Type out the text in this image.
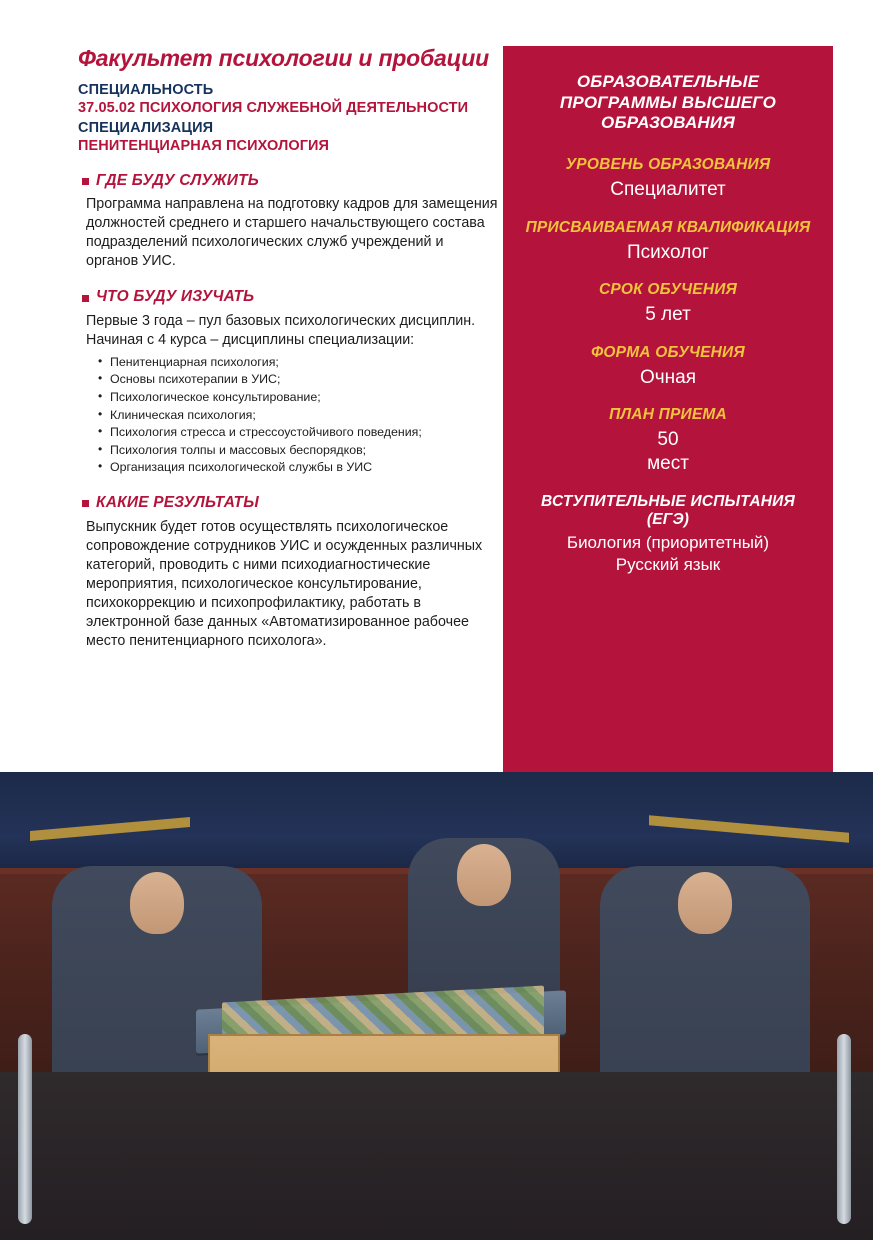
Факультет психологии и пробации

СПЕЦИАЛЬНОСТЬ

37.05.02 ПСИХОЛОГИЯ СЛУЖЕБНОЙ ДЕЯТЕЛЬНОСТИ

СПЕЦИАЛИЗАЦИЯ

ПЕНИТЕНЦИАРНАЯ ПСИХОЛОГИЯ

ГДЕ БУДУ СЛУЖИТЬ

Программа направлена на подготовку кадров для замещения должностей среднего и старшего начальствующего состава подразделений психологических служб учреждений и органов УИС.

ЧТО БУДУ ИЗУЧАТЬ

Первые 3 года – пул базовых психологических дисциплин. Начиная с 4 курса – дисциплины специализации:

• Пенитенциарная психология;
• Основы психотерапии в УИС;
• Психологическое консультирование;
• Клиническая психология;
• Психология стресса и стрессоустойчивого поведения;
• Психология толпы и массовых беспорядков;
• Организация психологической службы в УИС
КАКИЕ РЕЗУЛЬТАТЫ

Выпускник будет готов осуществлять психологическое сопровождение сотрудников УИС и осужденных различных категорий, проводить с ними психодиагностические мероприятия, психологическое консультирование, психокоррекцию и психопрофилактику, работать в электронной базе данных «Автоматизированное рабочее место пенитенциарного психолога».

ОБРАЗОВАТЕЛЬНЫЕ ПРОГРАММЫ ВЫСШЕГО ОБРАЗОВАНИЯ
УРОВЕНЬ ОБРАЗОВАНИЯ
Специалитет
ПРИСВАИВАЕМАЯ КВАЛИФИКАЦИЯ
Психолог
СРОК ОБУЧЕНИЯ
5 лет
ФОРМА ОБУЧЕНИЯ
Очная
ПЛАН ПРИЕМА
50
мест
ВСТУПИТЕЛЬНЫЕ ИСПЫТАНИЯ (ЕГЭ)
Биология (приоритетный)
Русский язык
